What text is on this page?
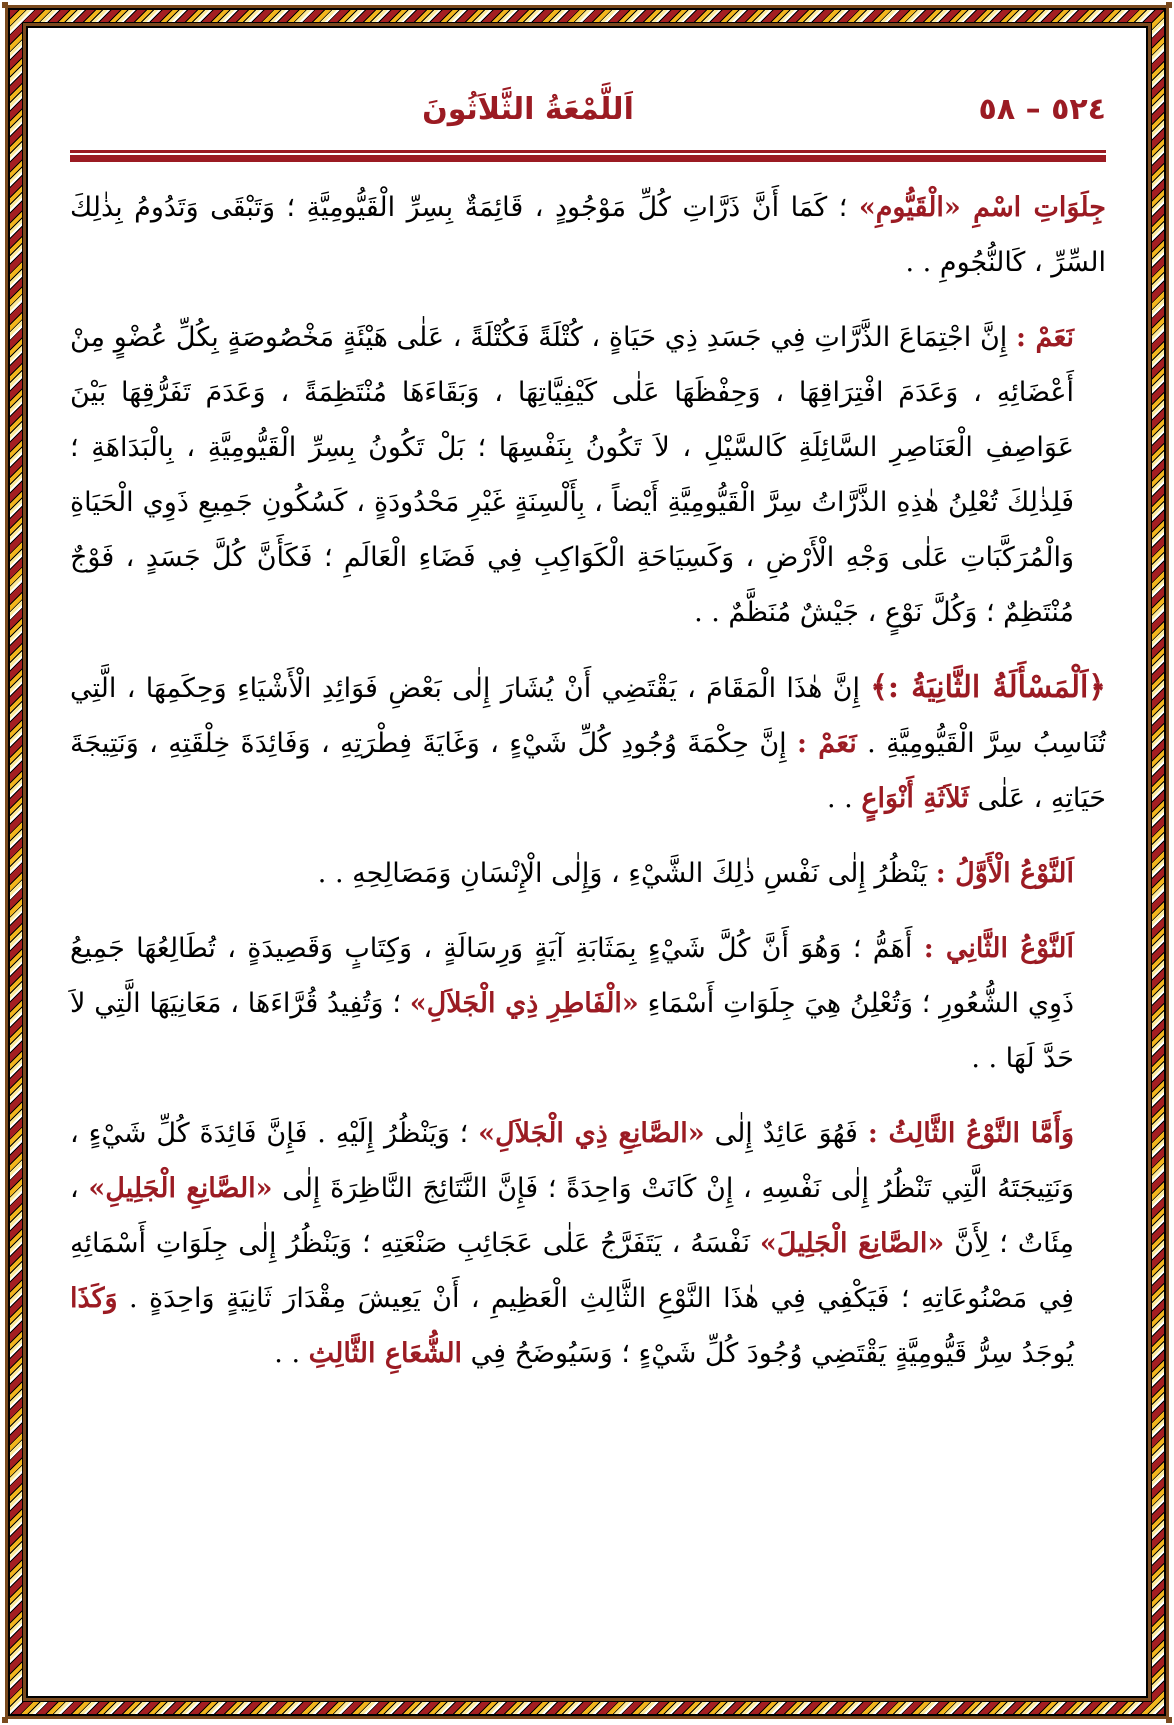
٥٢٤ – ٥٨
اَللَّمْعَةُ الثَّلاَثُونَ

جِلَوَاتِ اسْمِ «الْقَيُّومِ» ؛ كَمَا أَنَّ ذَرَّاتِ كُلِّ مَوْجُودٍ ، قَائِمَةٌ بِسِرِّ الْقَيُّومِيَّةِ ؛ وَتَبْقَى وَتَدُومُ بِذٰلِكَ السِّرِّ ، كَالنُّجُومِ . .

نَعَمْ : إِنَّ اجْتِمَاعَ الذَّرَّاتِ فِي جَسَدِ ذِي حَيَاةٍ ، كُتْلَةً فَكُتْلَةً ، عَلٰى هَيْئَةٍ مَخْصُوصَةٍ بِكُلِّ عُضْوٍ مِنْ أَعْضَائِهِ ، وَعَدَمَ افْتِرَاقِهَا ، وَحِفْظَهَا عَلٰى كَيْفِيَّاتِهَا ، وَبَقَاءَهَا مُنْتَظِمَةً ، وَعَدَمَ تَفَرُّقِهَا بَيْنَ عَوَاصِفِ الْعَنَاصِرِ السَّائِلَةِ كَالسَّيْلِ ، لاَ تَكُونُ بِنَفْسِهَا ؛ بَلْ تَكُونُ بِسِرِّ الْقَيُّومِيَّةِ ، بِالْبَدَاهَةِ ؛ فَلِذٰلِكَ تُعْلِنُ هٰذِهِ الذَّرَّاتُ سِرَّ الْقَيُّومِيَّةِ أَيْضاً ، بِأَلْسِنَةٍ غَيْرِ مَحْدُودَةٍ ، كَسُكُونِ جَمِيعِ ذَوِي الْحَيَاةِ وَالْمُرَكَّبَاتِ عَلٰى وَجْهِ الْأَرْضِ ، وَكَسِيَاحَةِ الْكَوَاكِبِ فِي فَضَاءِ الْعَالَمِ ؛ فَكَأَنَّ كُلَّ جَسَدٍ ، فَوْجٌ مُنْتَظِمٌ ؛ وَكُلَّ نَوْعٍ ، جَيْشٌ مُنَظَّمٌ . .

﴿اَلْمَسْأَلَةُ الثَّانِيَةُ :﴾ إِنَّ هٰذَا الْمَقَامَ ، يَقْتَضِي أَنْ يُشَارَ إِلٰى بَعْضِ فَوَائِدِ الْأَشْيَاءِ وَحِكَمِهَا ، الَّتِي تُنَاسِبُ سِرَّ الْقَيُّومِيَّةِ . نَعَمْ : إِنَّ حِكْمَةَ وُجُودِ كُلِّ شَيْءٍ ، وَغَايَةَ فِطْرَتِهِ ، وَفَائِدَةَ خِلْقَتِهِ ، وَنَتِيجَةَ حَيَاتِهِ ، عَلٰى ثَلاَثَةِ أَنْوَاعٍ . .

اَلنَّوْعُ الْأَوَّلُ : يَنْظُرُ إِلٰى نَفْسِ ذٰلِكَ الشَّيْءِ ، وَإِلٰى الْإِنْسَانِ وَمَصَالِحِهِ . .

اَلنَّوْعُ الثَّانِي : أَهَمُّ ؛ وَهُوَ أَنَّ كُلَّ شَيْءٍ بِمَثَابَةِ آيَةٍ وَرِسَالَةٍ ، وَكِتَابٍ وَقَصِيدَةٍ ، تُطَالِعُهَا جَمِيعُ ذَوِي الشُّعُورِ ؛ وَتُعْلِنُ هِيَ جِلَوَاتِ أَسْمَاءِ «الْفَاطِرِ ذِي الْجَلاَلِ» ؛ وَتُفِيدُ قُرَّاءَهَا ، مَعَانِيَهَا الَّتِي لاَ حَدَّ لَهَا . .

وَأَمَّا النَّوْعُ الثَّالِثُ : فَهُوَ عَائِدٌ إِلٰى «الصَّانِعِ ذِي الْجَلاَلِ» ؛ وَيَنْظُرُ إِلَيْهِ . فَإِنَّ فَائِدَةَ كُلِّ شَيْءٍ ، وَنَتِيجَتَهُ الَّتِي تَنْظُرُ إِلٰى نَفْسِهِ ، إِنْ كَانَتْ وَاحِدَةً ؛ فَإِنَّ النَّتَائِجَ النَّاظِرَةَ إِلٰى «الصَّانِعِ الْجَلِيلِ» ، مِئَاتٌ ؛ لِأَنَّ «الصَّانِعَ الْجَلِيلَ» نَفْسَهُ ، يَتَفَرَّجُ عَلٰى عَجَائِبِ صَنْعَتِهِ ؛ وَيَنْظُرُ إِلٰى جِلَوَاتِ أَسْمَائِهِ فِي مَصْنُوعَاتِهِ ؛ فَيَكْفِي فِي هٰذَا النَّوْعِ الثَّالِثِ الْعَظِيمِ ، أَنْ يَعِيشَ مِقْدَارَ ثَانِيَةٍ وَاحِدَةٍ . وَكَذَا يُوجَدُ سِرُّ قَيُّومِيَّةٍ يَقْتَضِي وُجُودَ كُلِّ شَيْءٍ ؛ وَسَيُوضَحُ فِي الشُّعَاعِ الثَّالِثِ . .
